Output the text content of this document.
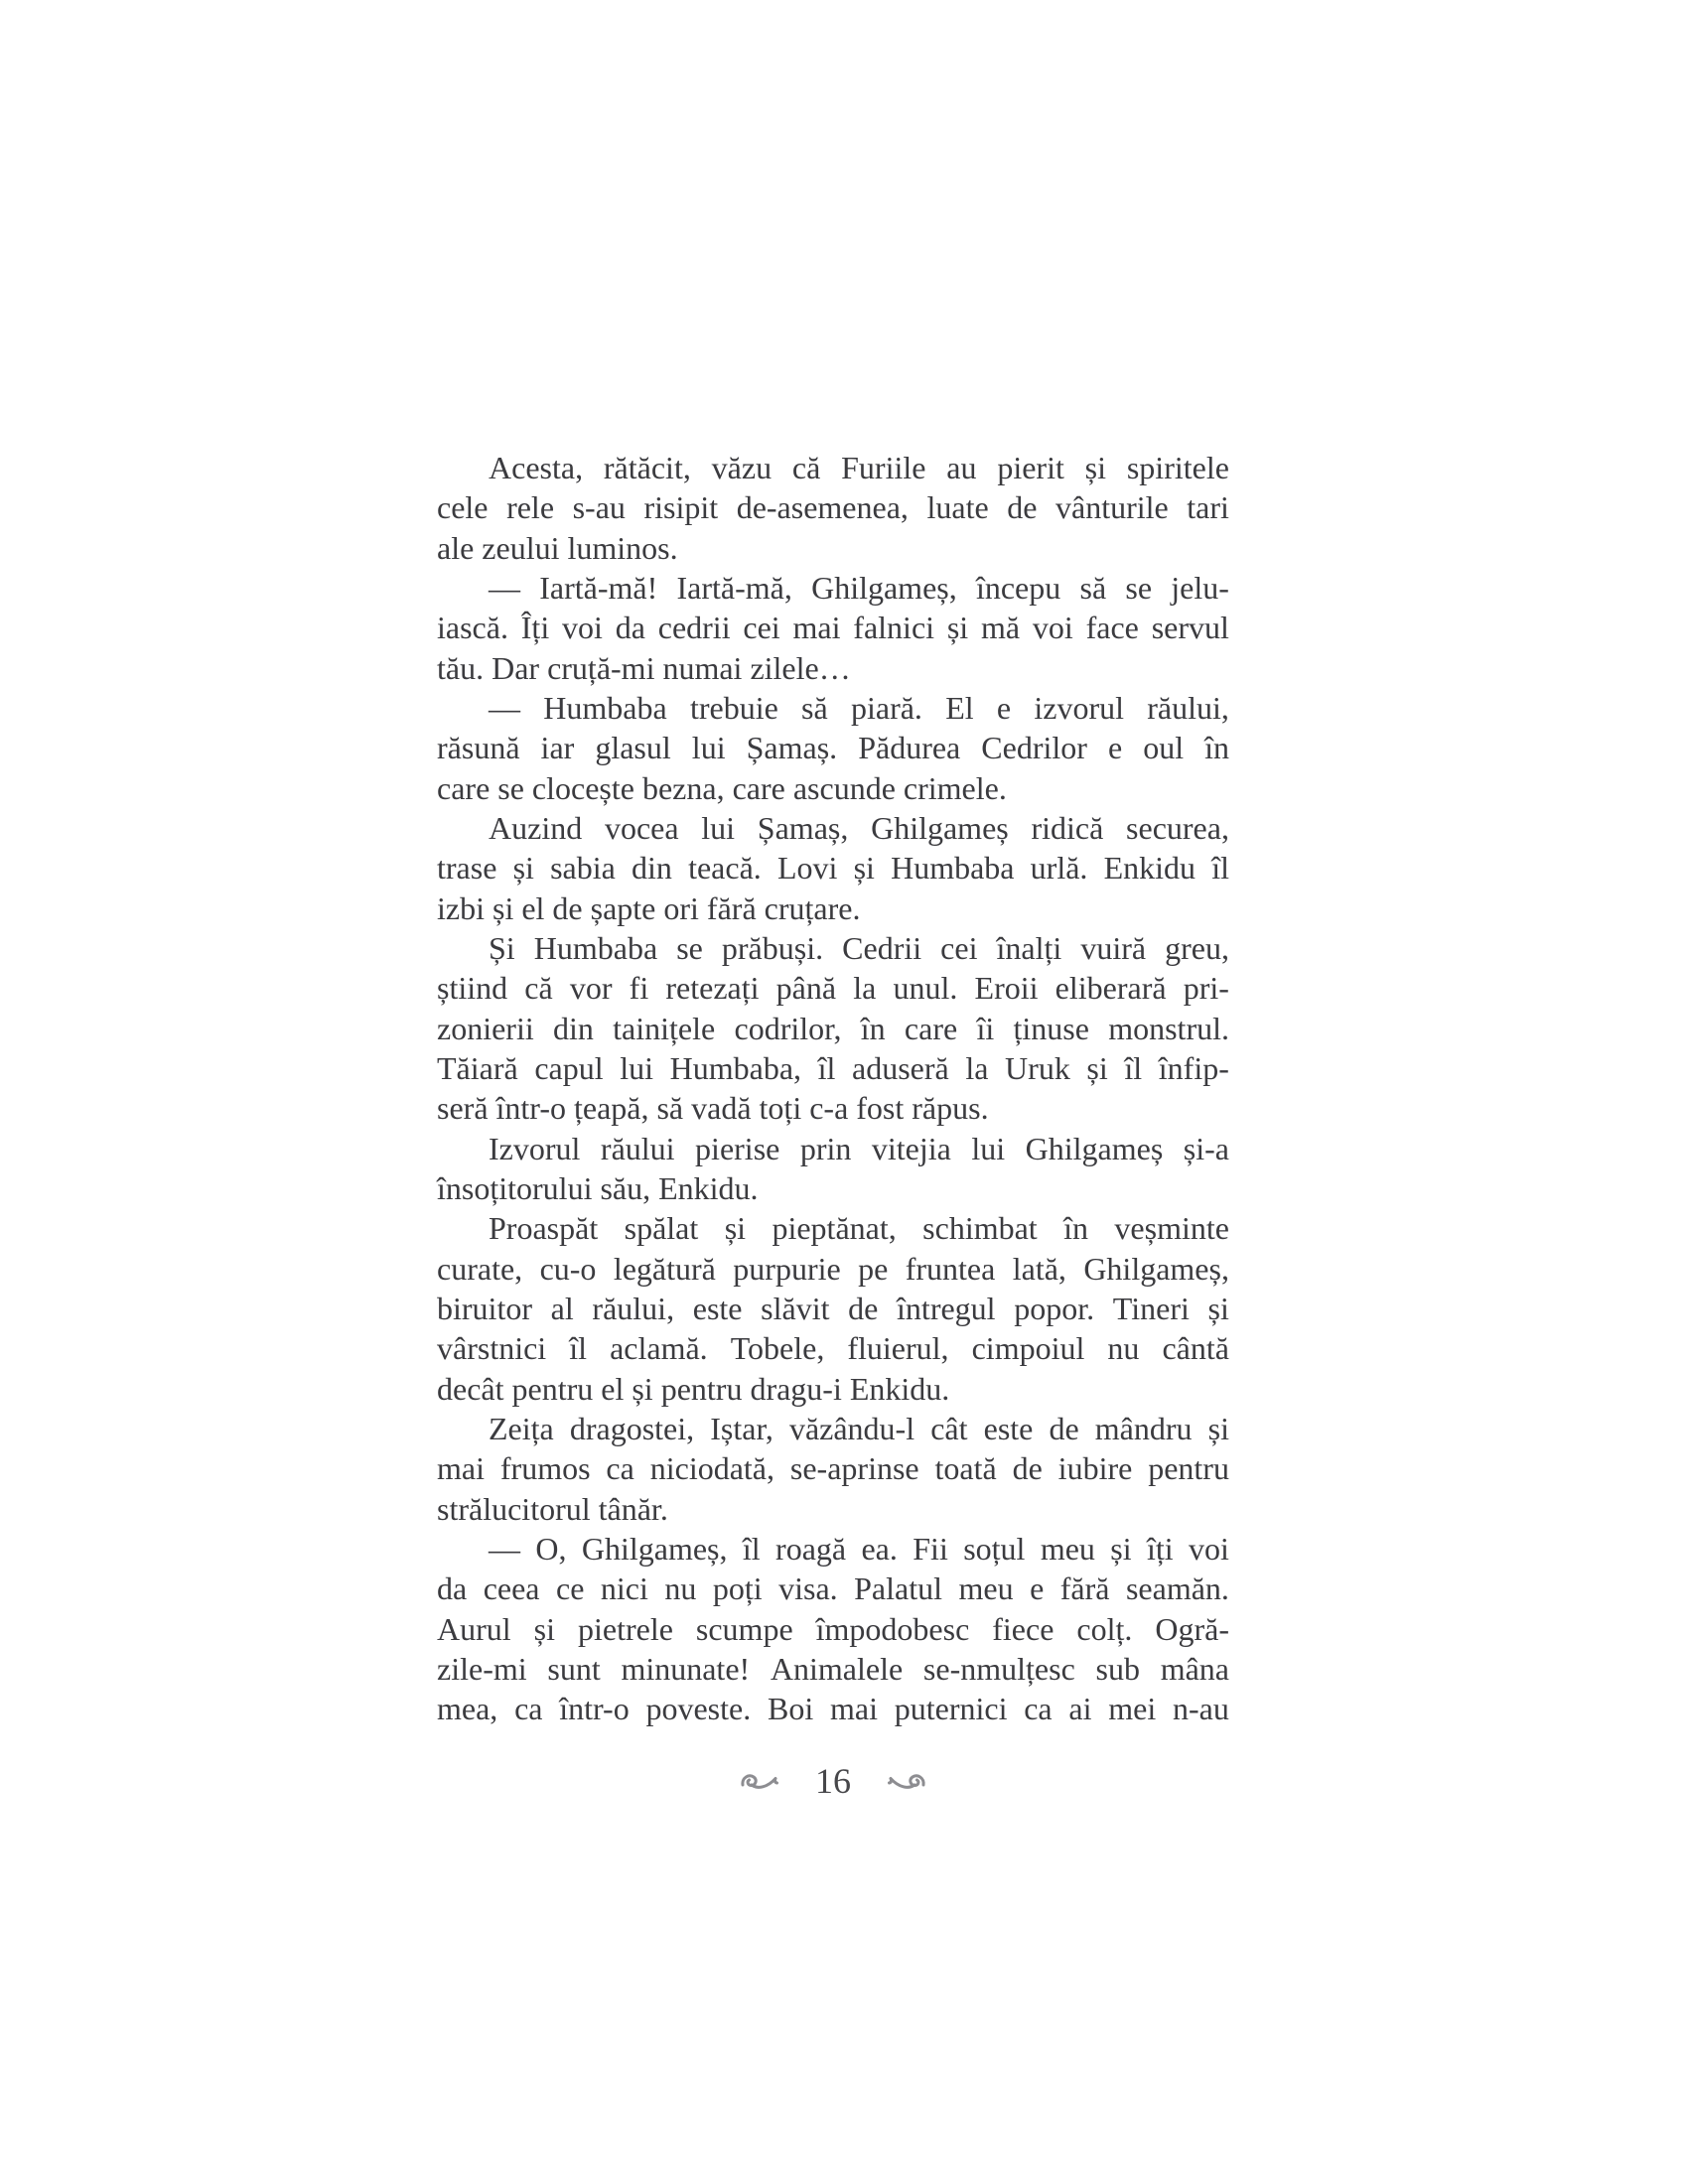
Acesta, rătăcit, văzu că Furiile au pierit și spiritele
cele rele s-au risipit de-asemenea, luate de vânturile tari
ale zeului luminos.
— Iartă-mă! Iartă-mă, Ghilgameș, începu să se jelu-
iască. Îți voi da cedrii cei mai falnici și mă voi face servul
tău. Dar cruță-mi numai zilele…
— Humbaba trebuie să piară. El e izvorul răului,
răsună iar glasul lui Șamaș. Pădurea Cedrilor e oul în
care se clocește bezna, care ascunde crimele.
Auzind vocea lui Șamaș, Ghilgameș ridică securea,
trase și sabia din teacă. Lovi și Humbaba urlă. Enkidu îl
izbi și el de șapte ori fără cruțare.
Și Humbaba se prăbuși. Cedrii cei înalți vuiră greu,
știind că vor fi retezați până la unul. Eroii eliberară pri-
zonierii din tainițele codrilor, în care îi ținuse monstrul.
Tăiară capul lui Humbaba, îl aduseră la Uruk și îl înfip-
seră într-o țeapă, să vadă toți c-a fost răpus.
Izvorul răului pierise prin vitejia lui Ghilgameș și-a
însoțitorului său, Enkidu.
Proaspăt spălat și pieptănat, schimbat în veșminte
curate, cu-o legătură purpurie pe fruntea lată, Ghilgameș,
biruitor al răului, este slăvit de întregul popor. Tineri și
vârstnici îl aclamă. Tobele, fluierul, cimpoiul nu cântă
decât pentru el și pentru dragu-i Enkidu.
Zeița dragostei, Iștar, văzându-l cât este de mândru și
mai frumos ca niciodată, se-aprinse toată de iubire pentru
strălucitorul tânăr.
— O, Ghilgameș, îl roagă ea. Fii soțul meu și îți voi
da ceea ce nici nu poți visa. Palatul meu e fără seamăn.
Aurul și pietrele scumpe împodobesc fiece colț. Ogră-
zile-mi sunt minunate! Animalele se-nmulțesc sub mâna
mea, ca într-o poveste. Boi mai puternici ca ai mei n-au
16
